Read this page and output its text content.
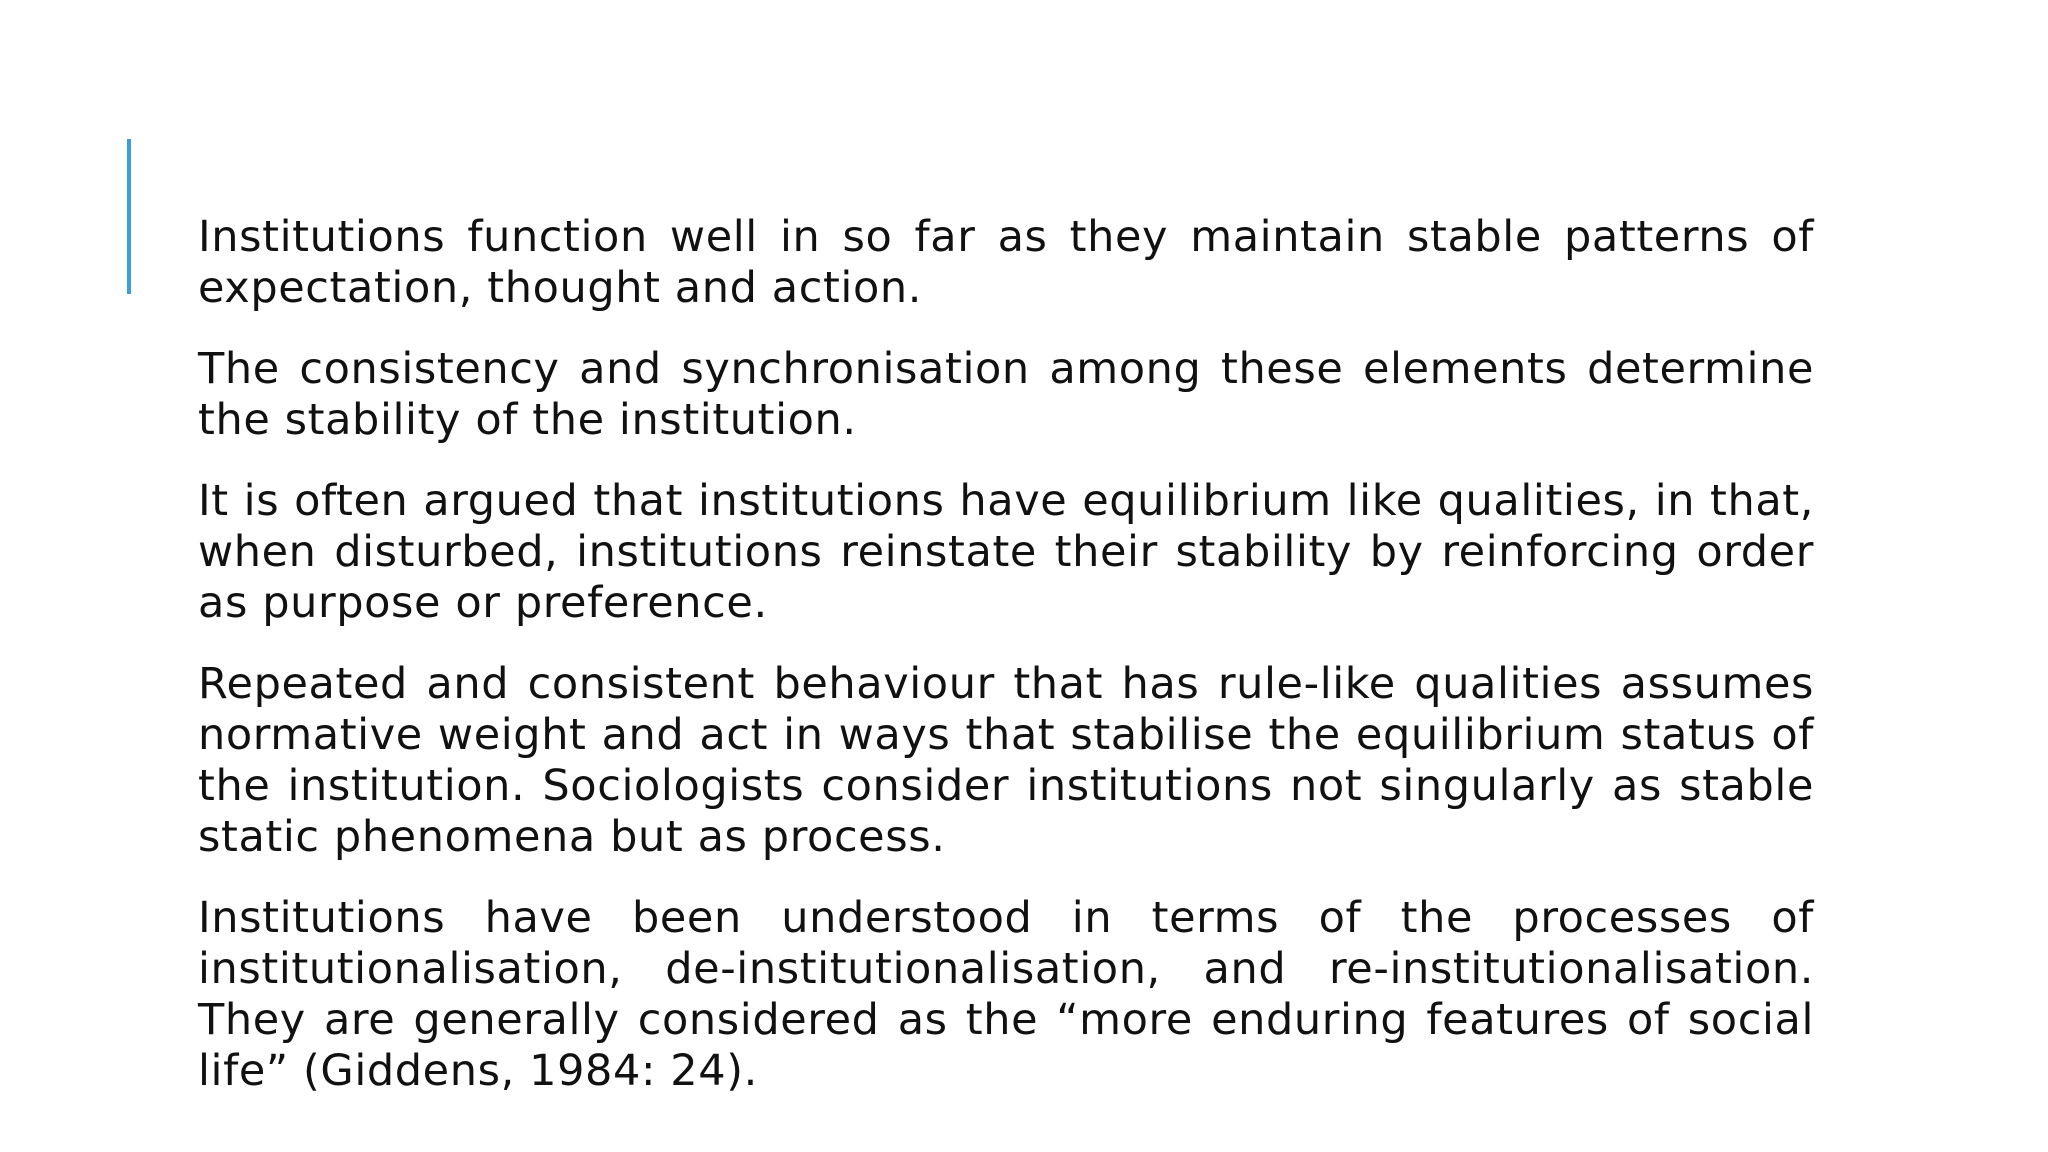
Institutions function well in so far as they maintain stable patterns of expectation, thought and action.

The consistency and synchronisation among these elements determine the stability of the institution.

It is often argued that institutions have equilibrium like qualities, in that, when disturbed, institutions reinstate their stability by reinforcing order as purpose or preference.

Repeated and consistent behaviour that has rule-like qualities assumes normative weight and act in ways that stabilise the equilibrium status of the institution. Sociologists consider institutions not singularly as stable static phenomena but as process.

Institutions have been understood in terms of the processes of institutionalisation, de-institutionalisation, and re-institutionalisation. They are generally considered as the “more enduring features of social life” (Giddens, 1984: 24).
